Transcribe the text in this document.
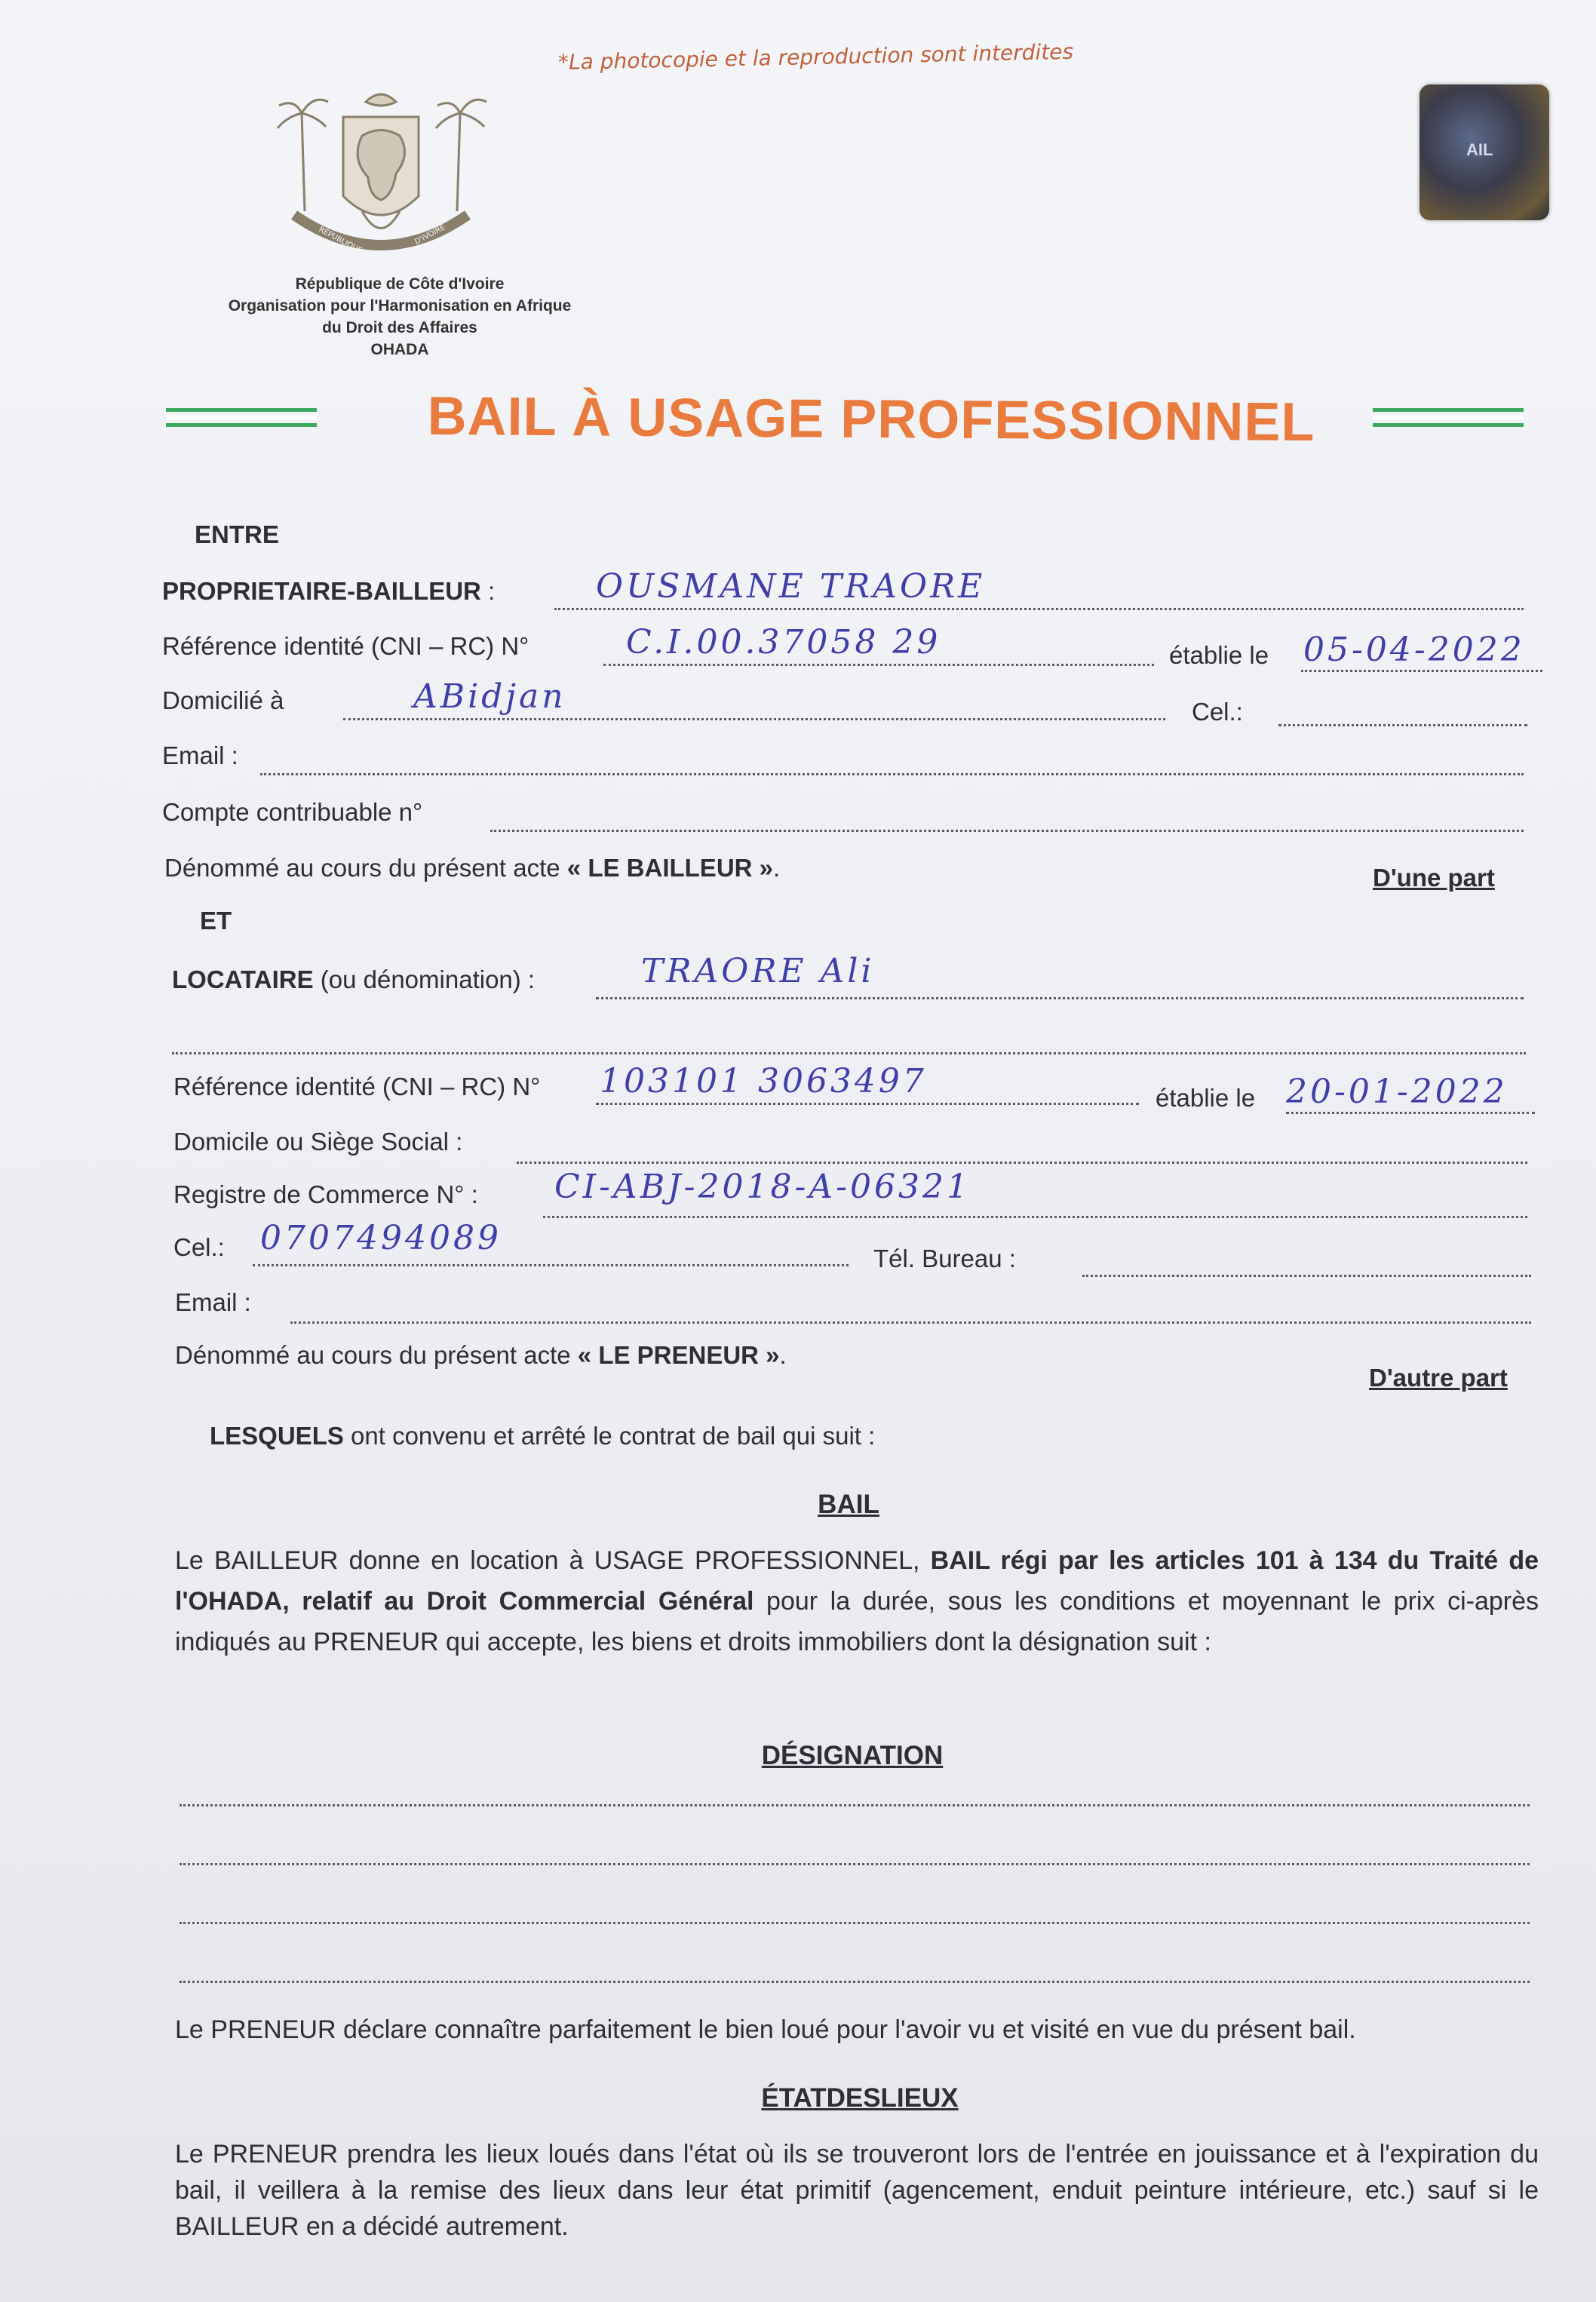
*La photocopie et la reproduction sont interdites
RÉPUBLIQUE	D'IVOIRE
DE CÔTE
République de Côte d'Ivoire
Organisation pour l'Harmonisation en Afrique
du Droit des Affaires
OHADA
AIL
BAIL À USAGE PROFESSIONNEL
ENTRE
PROPRIETAIRE-BAILLEUR :	OUSMANE TRAORE
Référence identité (CNI – RC) N°	C.I.00.37058 29	établie le 05-04-2022
Domicilié à	ABidjan	Cel.:
Email :
Compte contribuable n°
Dénommé au cours du présent acte « LE BAILLEUR ».	D'une part
ET
LOCATAIRE (ou dénomination) :	TRAORE Ali
Référence identité (CNI – RC) N° 103101 3063497	établie le 20-01-2022
Domicile ou Siège Social :
Registre de Commerce N° : CI-ABJ-2018-A-06321
Cel.: 0707494089
Tél. Bureau :
Email :
Dénommé au cours du présent acte « LE PRENEUR ».
D'autre part
LESQUELS ont convenu et arrêté le contrat de bail qui suit :
BAIL
Le BAILLEUR donne en location à USAGE PROFESSIONNEL, BAIL régi par les articles 101 à 134 du Traité de l'OHADA, relatif au Droit Commercial Général pour la durée, sous les conditions et moyennant le prix ci-après indiqués au PRENEUR qui accepte, les biens et droits immobiliers dont la désignation suit :
DÉSIGNATION
Le PRENEUR déclare connaître parfaitement le bien loué pour l'avoir vu et visité en vue du présent bail.
ÉTATDESLIEUX
Le PRENEUR prendra les lieux loués dans l'état où ils se trouveront lors de l'entrée en jouissance et à l'expiration du bail, il veillera à la remise des lieux dans leur état primitif (agencement, enduit peinture intérieure, etc.) sauf si le BAILLEUR en a décidé autrement.
